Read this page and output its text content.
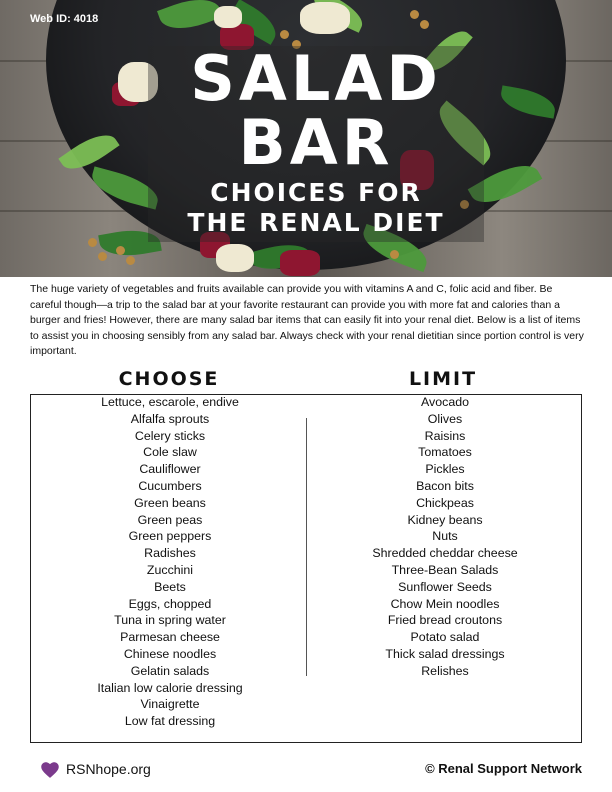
Web ID: 4018
SALAD
BAR
CHOICES FOR
THE RENAL DIET

The huge variety of vegetables and fruits available can provide you with vitamins A and C, folic acid and fiber. Be careful though—a trip to the salad bar at your favorite restaurant can provide you with more fat and calories than a burger and fries! However, there are many salad bar items that can easily fit into your renal diet. Below is a list of items to assist you in choosing sensibly from any salad bar. Always check with your renal dietitian since portion control is very important.

CHOOSE	LIMIT
Lettuce, escarole, endive
Alfalfa sprouts
Celery sticks
Cole slaw
Cauliflower
Cucumbers
Green beans
Green peas
Green peppers
Radishes
Zucchini
Beets
Eggs, chopped
Tuna in spring water
Parmesan cheese
Chinese noodles
Gelatin salads
Italian low calorie dressing
Vinaigrette
Low fat dressing
Avocado
Olives
Raisins
Tomatoes
Pickles
Bacon bits
Chickpeas
Kidney beans
Nuts
Shredded cheddar cheese
Three-Bean Salads
Sunflower Seeds
Chow Mein noodles
Fried bread croutons
Potato salad
Thick salad dressings
Relishes
RSNhope.org	© Renal Support Network
